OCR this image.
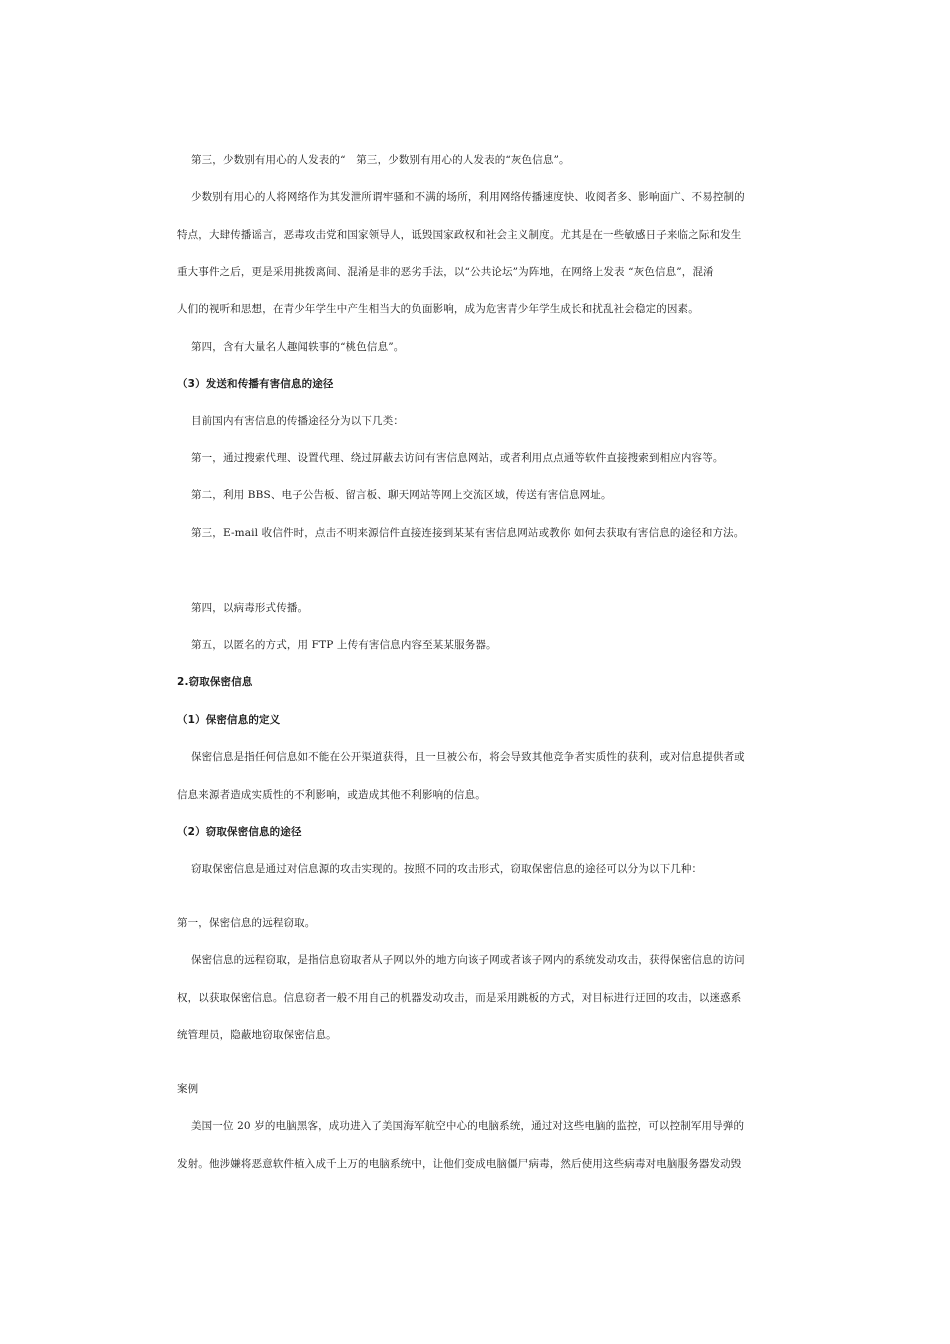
第三，少数别有用心的人发表的“　第三，少数别有用心的人发表的“灰色信息”。
少数别有用心的人将网络作为其发泄所谓牢骚和不满的场所，利用网络传播速度快、收阅者多、影响面广、不易控制的
特点，大肆传播谣言，恶毒攻击党和国家领导人，诋毁国家政权和社会主义制度。尤其是在一些敏感日子来临之际和发生
重大事件之后，更是采用挑拨离间、混淆是非的恶劣手法，以“公共论坛”为阵地，在网络上发表 “灰色信息”，混淆
人们的视听和思想，在青少年学生中产生相当大的负面影响，成为危害青少年学生成长和扰乱社会稳定的因素。
第四，含有大量名人趣闻轶事的“桃色信息”。
（3）发送和传播有害信息的途径
目前国内有害信息的传播途径分为以下几类：
第一，通过搜索代理、设置代理、绕过屏蔽去访问有害信息网站，或者利用点点通等软件直接搜索到相应内容等。
第二，利用 BBS、电子公告板、留言板、聊天网站等网上交流区域，传送有害信息网址。
第三，E-mail 收信件时，点击不明来源信件直接连接到某某有害信息网站或教你 如何去获取有害信息的途径和方法。
第四，以病毒形式传播。
第五，以匿名的方式，用 FTP 上传有害信息内容至某某服务器。
2.窃取保密信息
（1）保密信息的定义
保密信息是指任何信息如不能在公开渠道获得，且一旦被公布，将会导致其他竞争者实质性的获利，或对信息提供者或
信息来源者造成实质性的不利影响，或造成其他不利影响的信息。
（2）窃取保密信息的途径
窃取保密信息是通过对信息源的攻击实现的。按照不同的攻击形式，窃取保密信息的途径可以分为以下几种：
第一，保密信息的远程窃取。
保密信息的远程窃取，是指信息窃取者从子网以外的地方向该子网或者该子网内的系统发动攻击，获得保密信息的访问
权，以获取保密信息。信息窃者一般不用自己的机器发动攻击，而是采用跳板的方式，对目标进行迂回的攻击，以迷惑系
统管理员，隐蔽地窃取保密信息。
案例
美国一位 20 岁的电脑黑客，成功进入了美国海军航空中心的电脑系统，通过对这些电脑的监控，可以控制军用导弹的
发射。他涉嫌将恶意软件植入成千上万的电脑系统中，让他们变成电脑僵尸病毒，然后使用这些病毒对电脑服务器发动毁
